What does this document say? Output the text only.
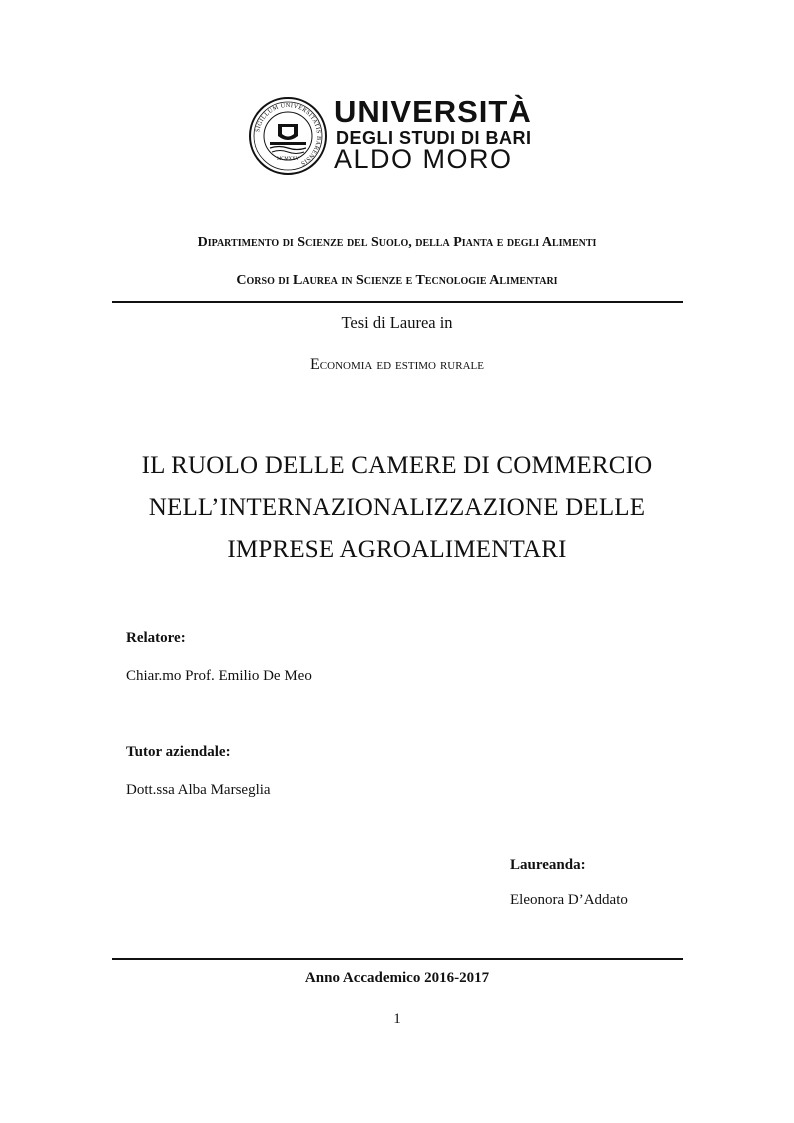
SIGILLUM UNIVERSITATIS BARENSIS
MCMXXV
UNIVERSITÀ
DEGLI STUDI DI BARI
ALDO MORO
Dipartimento di Scienze del Suolo, della Pianta e degli Alimenti
Corso di Laurea in Scienze e Tecnologie Alimentari
Tesi di Laurea in
Economia ed estimo rurale
IL RUOLO DELLE CAMERE DI COMMERCIO
NELL’INTERNAZIONALIZZAZIONE DELLE
IMPRESE AGROALIMENTARI
Relatore:
Chiar.mo Prof. Emilio De Meo
Tutor aziendale:
Dott.ssa Alba Marseglia
Laureanda:
Eleonora D’Addato
Anno Accademico 2016-2017
1
